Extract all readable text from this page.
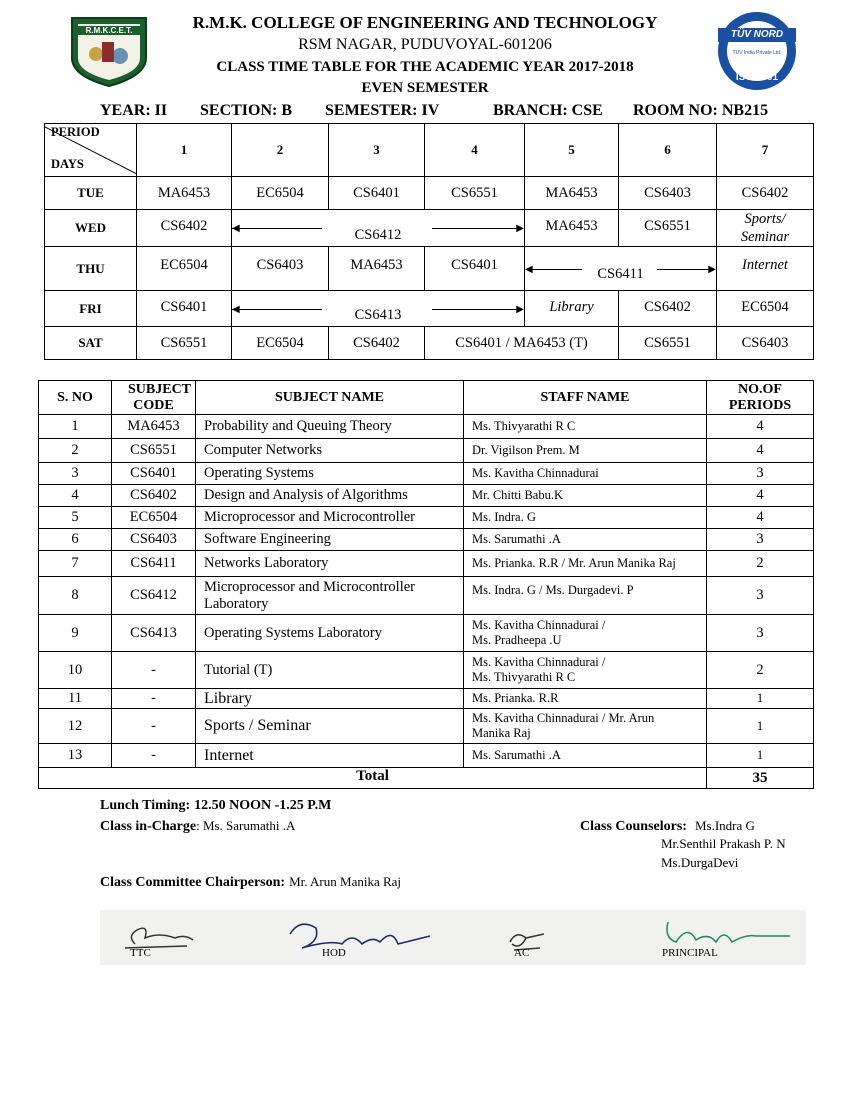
R.M.K.C.E.T.	TÜV NORD
TUV India Private Ltd.
ISO 9001
R.M.K. COLLEGE OF ENGINEERING AND TECHNOLOGY
RSM NAGAR, PUDUVOYAL-601206
CLASS TIME TABLE FOR THE ACADEMIC YEAR 2017-2018
EVEN SEMESTER
YEAR: II SECTION: B SEMESTER: IV	BRANCH: CSE ROOM NO: NB215
PERIOD
DAYS	1	2	3	4	5	6	7
TUE	MA6453	EC6504	CS6401	CS6551	MA6453	CS6403	CS6402
WED	CS6402	◀ CS6412 ▶			MA6453	CS6551	Sports/ Seminar
THU	EC6504	CS6403	MA6453	CS6401	◀ CS6411 ▶		Internet
FRI	CS6401	◀ CS6413 ▶			Library	CS6402	EC6504
SAT	CS6551	EC6504	CS6402	CS6401 / MA6453 (T)		CS6551	CS6403
S. NO	SUBJECT CODE	SUBJECT NAME	STAFF NAME	NO.OF PERIODS
1	MA6453	Probability and Queuing Theory	Ms. Thivyarathi R C	4
2	CS6551	Computer Networks	Dr. Vigilson Prem. M	4
3	CS6401	Operating Systems	Ms. Kavitha Chinnadurai	3
4	CS6402	Design and Analysis of Algorithms	Mr. Chitti Babu.K	4
5	EC6504	Microprocessor and Microcontroller	Ms. Indra. G	4
6	CS6403	Software Engineering	Ms. Sarumathi .A	3
7	CS6411	Networks Laboratory	Ms. Prianka. R.R / Mr. Arun Manika Raj	2
8	CS6412	Microprocessor and Microcontroller Laboratory	Ms. Indra. G / Ms. Durgadevi. P	3
9	CS6413	Operating Systems Laboratory	Ms. Kavitha Chinnadurai / Ms. Pradheepa .U	3
10	-	Tutorial (T)	Ms. Kavitha Chinnadurai / Ms. Thivyarathi R C	2
11	-	Library	Ms. Prianka. R.R	1
12	-	Sports / Seminar	Ms. Kavitha Chinnadurai / Mr. Arun Manika Raj	1
13	-	Internet	Ms. Sarumathi .A	1
Total				35
Lunch Timing: 12.50 NOON -1.25 P.M
Class in-Charge: Ms. Sarumathi .A	Class Counselors: Ms.Indra G
Mr.Senthil Prakash P. N
Ms.DurgaDevi
Class Committee Chairperson: Mr. Arun Manika Raj
TTC	HOD	AC	PRINCIPAL
